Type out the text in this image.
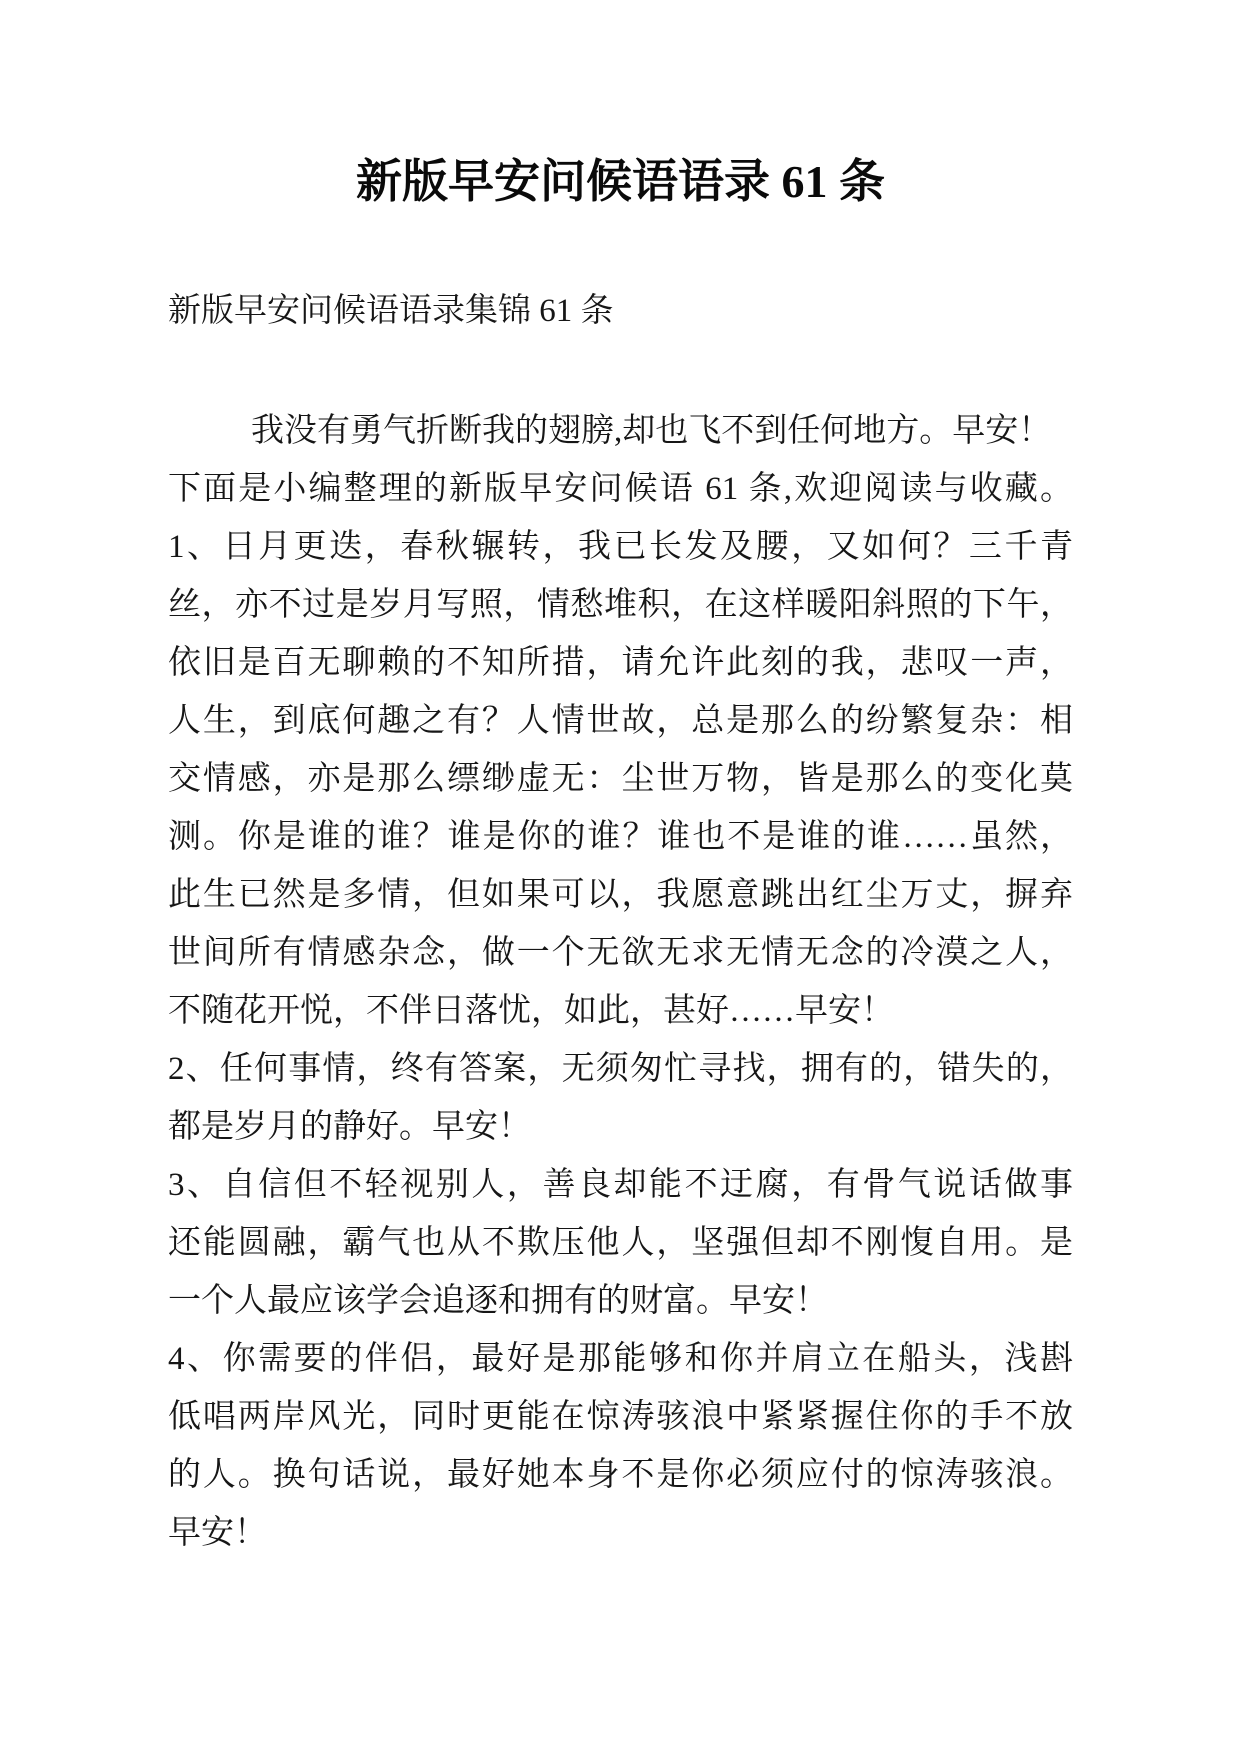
新版早安问候语语录 61 条
新版早安问候语语录集锦 61 条
我没有勇气折断我的翅膀,却也飞不到任何地方。早安！
下面是小编整理的新版早安问候语 61 条,欢迎阅读与收藏。
1、日月更迭，春秋辗转，我已长发及腰，又如何？三千青
丝，亦不过是岁月写照，情愁堆积，在这样暖阳斜照的下午，
依旧是百无聊赖的不知所措，请允许此刻的我，悲叹一声，
人生，到底何趣之有？人情世故，总是那么的纷繁复杂：相
交情感，亦是那么缥缈虚无：尘世万物，皆是那么的变化莫
测。你是谁的谁？谁是你的谁？谁也不是谁的谁……虽然，
此生已然是多情，但如果可以，我愿意跳出红尘万丈，摒弃
世间所有情感杂念，做一个无欲无求无情无念的冷漠之人，
不随花开悦，不伴日落忧，如此，甚好……早安！
2、任何事情，终有答案，无须匆忙寻找，拥有的，错失的，
都是岁月的静好。早安！
3、自信但不轻视别人，善良却能不迂腐，有骨气说话做事
还能圆融，霸气也从不欺压他人，坚强但却不刚愎自用。是
一个人最应该学会追逐和拥有的财富。早安！
4、你需要的伴侣，最好是那能够和你并肩立在船头，浅斟
低唱两岸风光，同时更能在惊涛骇浪中紧紧握住你的手不放
的人。换句话说，最好她本身不是你必须应付的惊涛骇浪。
早安！
